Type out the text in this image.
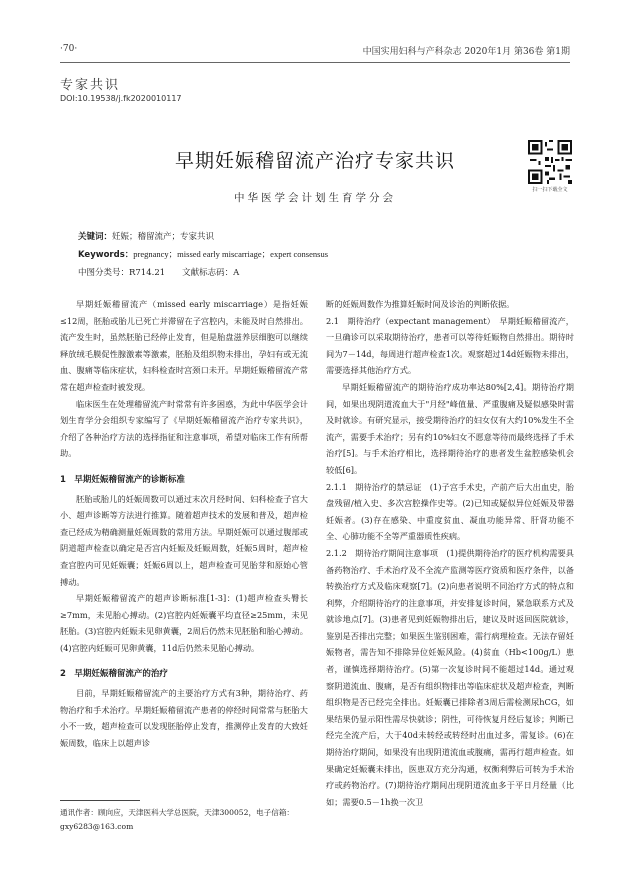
·70·	中国实用妇科与产科杂志 2020年1月 第36卷 第1期
专家共识
DOI:10.19538/j.fk2020010117
早期妊娠稽留流产治疗专家共识
扫一扫下载全文
中华医学会计划生育学分会
关键词：妊娠；稽留流产；专家共识
Keywords：pregnancy；missed early miscarriage；expert consensus
中图分类号：R714.21　　文献标志码：A

早期妊娠稽留流产（missed early miscarriage）是指妊娠≤12周，胚胎或胎儿已死亡并滞留在子宫腔内，未能及时自然排出。流产发生时，虽然胚胎已经停止发育，但是胎盘滋养层细胞可以继续释放绒毛膜促性腺激素等激素，胚胎及组织物未排出，孕妇有或无流血、腹痛等临床症状，妇科检查时宫颈口未开。早期妊娠稽留流产常常在超声检查时被发现。

临床医生在处理稽留流产时常常有许多困惑，为此中华医学会计划生育学分会组织专家编写了《早期妊娠稽留流产治疗专家共识》，介绍了各种治疗方法的选择指征和注意事项，希望对临床工作有所帮助。

1　早期妊娠稽留流产的诊断标准

胚胎或胎儿的妊娠周数可以通过末次月经时间、妇科检查子宫大小、超声诊断等方法进行推算。随着超声技术的发展和普及，超声检查已经成为精确测量妊娠周数的常用方法。早期妊娠可以通过腹部或阴道超声检查以确定是否宫内妊娠及妊娠周数，妊娠5周时，超声检查宫腔内可见妊娠囊；妊娠6周以上，超声检查可见胎芽和原始心管搏动。

早期妊娠稽留流产的超声诊断标准[1-3]：(1)超声检查头臀长≥7mm，未见胎心搏动。(2)宫腔内妊娠囊平均直径≥25mm，未见胚胎。(3)宫腔内妊娠未见卵黄囊，2周后仍然未见胚胎和胎心搏动。(4)宫腔内妊娠可见卵黄囊，11d后仍然未见胎心搏动。

2　早期妊娠稽留流产的治疗

目前，早期妊娠稽留流产的主要治疗方式有3种，期待治疗、药物治疗和手术治疗。早期妊娠稽留流产患者的停经时间常常与胚胎大小不一致，超声检查可以发现胚胎停止发育，推测停止发育的大致妊娠周数，临床上以超声诊

断的妊娠周数作为推算妊娠时间及诊治的判断依据。

2.1　期待治疗（expectant management）　早期妊娠稽留流产，一旦确诊可以采取期待治疗，患者可以等待妊娠物自然排出。期待时间为7－14d，每周进行超声检查1次。观察超过14d妊娠物未排出，需要选择其他治疗方式。

早期妊娠稽留流产的期待治疗成功率达80%[2,4]。期待治疗期间，如果出现阴道流血大于"月经"峰值量、严重腹痛及疑似感染时需及时就诊。有研究显示，接受期待治疗的妇女仅有大约10%发生不全流产，需要手术治疗；另有约10%妇女不愿意等待而最终选择了手术治疗[5]。与手术治疗相比，选择期待治疗的患者发生盆腔感染机会较低[6]。

2.1.1　期待治疗的禁忌证　(1)子宫手术史，产前产后大出血史，胎盘残留/植入史、多次宫腔操作史等。(2)已知或疑似异位妊娠及带器妊娠者。(3)存在感染、中重度贫血、凝血功能异常、肝肾功能不全、心肺功能不全等严重器质性疾病。

2.1.2　期待治疗期间注意事项　(1)提供期待治疗的医疗机构需要具备药物治疗、手术治疗及不全流产监测等医疗资质和医疗条件，以备转换治疗方式及临床观察[7]。(2)向患者说明不同治疗方式的特点和利弊，介绍期待治疗的注意事项，并安排复诊时间，紧急联系方式及就诊地点[7]。(3)患者见到妊娠物排出后，建议及时返回医院就诊，鉴别是否排出完整；如果医生鉴别困难，需行病理检查。无法存留妊娠物者，需告知不排除异位妊娠风险。(4)贫血（Hb<100g/L）患者，谨慎选择期待治疗。(5)第一次复诊时间不能超过14d。通过观察阴道流血、腹痛，是否有组织物排出等临床症状及超声检查，判断组织物是否已经完全排出。妊娠囊已排除者3周后需检测尿hCG，如果结果仍显示阳性需尽快就诊；阴性，可待恢复月经后复诊；判断已经完全流产后，大于40d未转经或转经时出血过多，需复诊。(6)在期待治疗期间，如果没有出现阴道流血或腹痛，需再行超声检查。如果确定妊娠囊未排出，医患双方充分沟通，权衡利弊后可转为手术治疗或药物治疗。(7)期待治疗期间出现阴道流血多于平日月经量（比如；需要0.5－1h换一次卫

通讯作者：顾向应，天津医科大学总医院，天津300052，电子信箱：gxy6283@163.com
